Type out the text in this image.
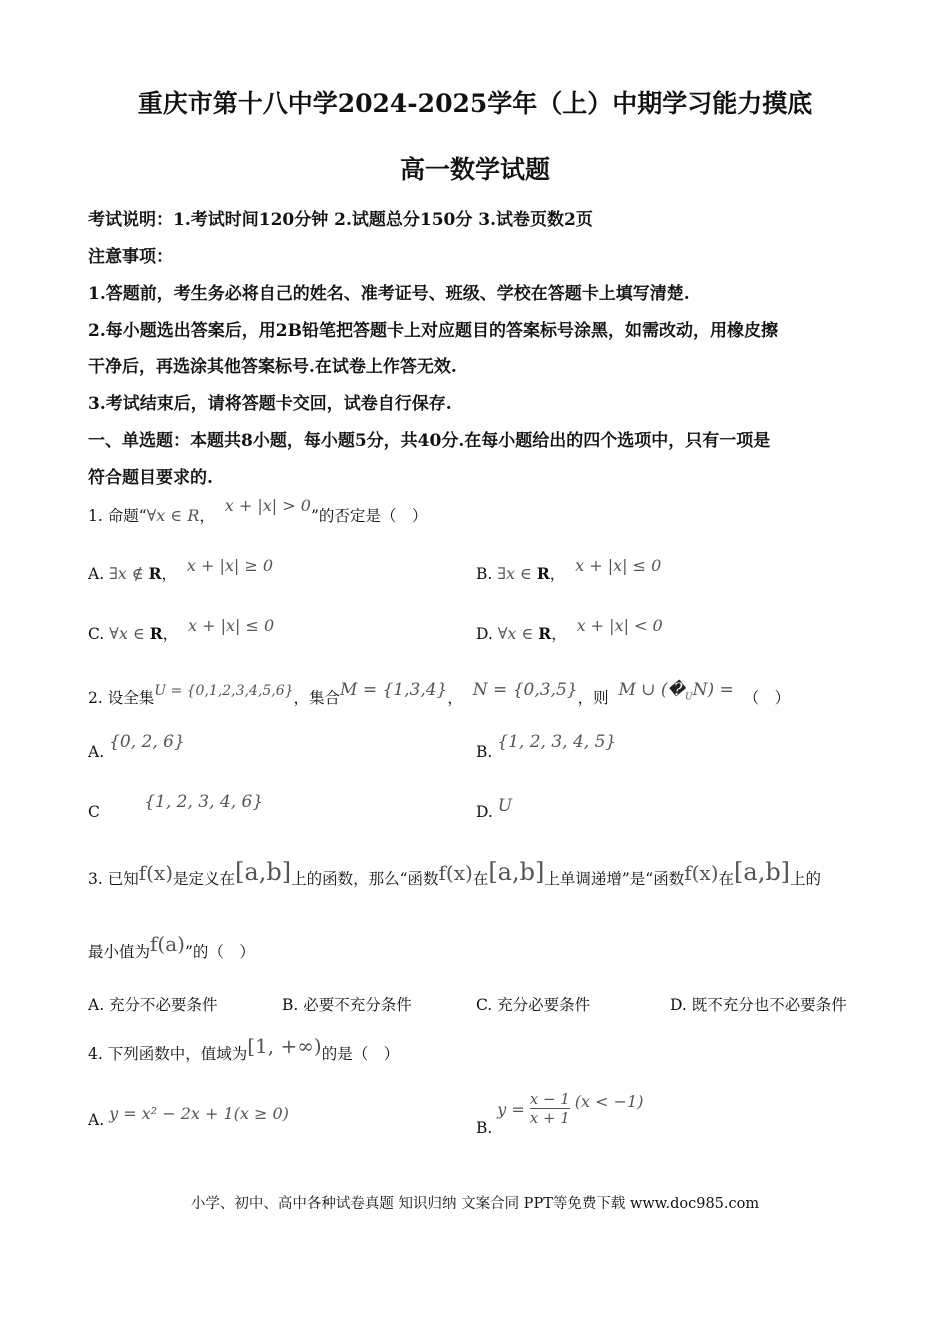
重庆市第十八中学2024-2025学年（上）中期学习能力摸底
高一数学试题
考试说明：1.考试时间120分钟 2.试题总分150分 3.试卷页数2页
注意事项：
1.答题前，考生务必将自己的姓名、准考证号、班级、学校在答题卡上填写清楚.
2.每小题选出答案后，用2B铅笔把答题卡上对应题目的答案标号涂黑，如需改动，用橡皮擦
干净后，再选涂其他答案标号.在试卷上作答无效.
3.考试结束后，请将答题卡交回，试卷自行保存.
一、单选题：本题共8小题，每小题5分，共40分.在每小题给出的四个选项中，只有一项是
符合题目要求的.
1. 命题“∀x ∈ R，  x + |x| > 0”的否定是（　）
A. ∃x ∉ R， x + |x| ≥ 0	B. ∃x ∈ R， x + |x| ≤ 0
C. ∀x ∈ R， x + |x| ≤ 0	D. ∀x ∈ R， x + |x| < 0
2. 设全集U = {0,1,2,3,4,5,6}，集合M = {1,3,4}， N = {0,3,5}，则 M ∪ $(�_UN)$ = （　）
A. {0, 2, 6}	B. {1, 2, 3, 4, 5}
C	{1, 2, 3, 4, 6}	D. U
3. 已知f(x)是定义在[a,b]上的函数，那么“函数f(x)在[a,b]上单调递增”是“函数f(x)在[a,b]上的
最小值为f(a)”的（　）
A. 充分不必要条件	B. 必要不充分条件	C. 充分必要条件	D. 既不充分也不必要条件
4. 下列函数中，值域为[1, +∞)的是（　）
A. y = x² − 2x + 1(x ≥ 0)
B. $y = \frac{x - 1}{x + 1} (x < -1)$
小学、初中、高中各种试卷真题 知识归纳 文案合同 PPT等免费下载 www.doc985.com
